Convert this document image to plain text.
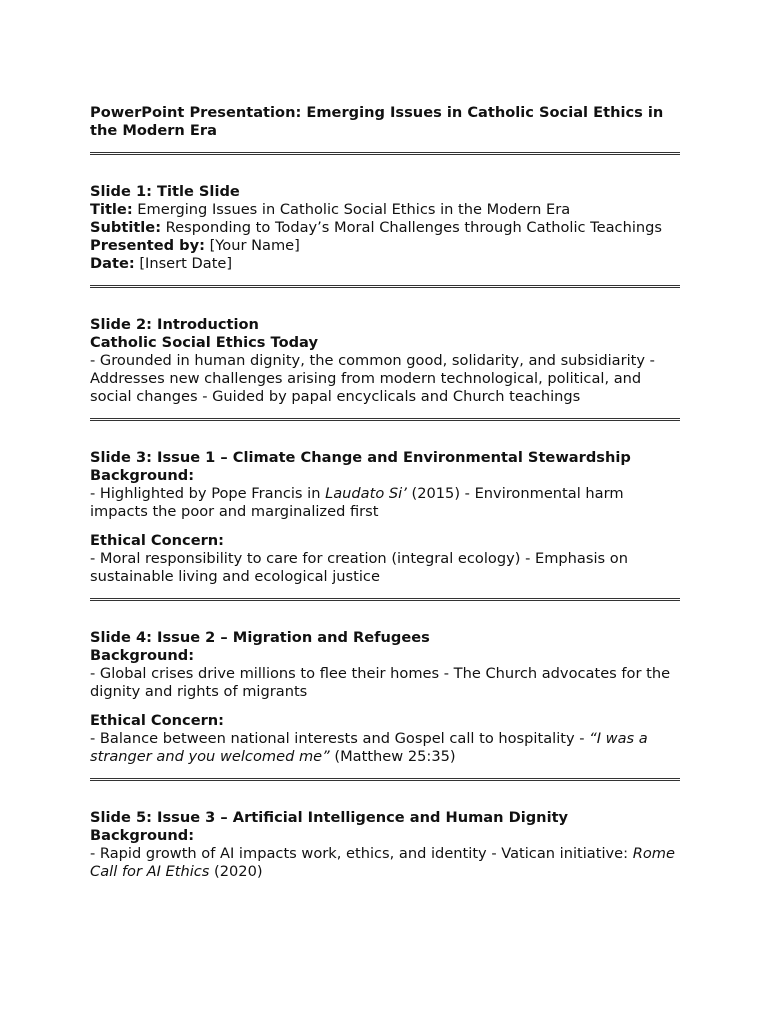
PowerPoint Presentation: Emerging Issues in Catholic Social Ethics in the Modern Era

Slide 1: Title Slide

Title: Emerging Issues in Catholic Social Ethics in the Modern Era

Subtitle: Responding to Today’s Moral Challenges through Catholic Teachings

Presented by: [Your Name]

Date: [Insert Date]

Slide 2: Introduction

Catholic Social Ethics Today

- Grounded in human dignity, the common good, solidarity, and subsidiarity - Addresses new challenges arising from modern technological, political, and social changes - Guided by papal encyclicals and Church teachings

Slide 3: Issue 1 – Climate Change and Environmental Stewardship

Background:

- Highlighted by Pope Francis in Laudato Si’ (2015) - Environmental harm impacts the poor and marginalized first

Ethical Concern:

- Moral responsibility to care for creation (integral ecology) - Emphasis on sustainable living and ecological justice

Slide 4: Issue 2 – Migration and Refugees

Background:

- Global crises drive millions to flee their homes - The Church advocates for the dignity and rights of migrants

Ethical Concern:

- Balance between national interests and Gospel call to hospitality - “I was a stranger and you welcomed me” (Matthew 25:35)

Slide 5: Issue 3 – Artificial Intelligence and Human Dignity

Background:

- Rapid growth of AI impacts work, ethics, and identity - Vatican initiative: Rome Call for AI Ethics (2020)
